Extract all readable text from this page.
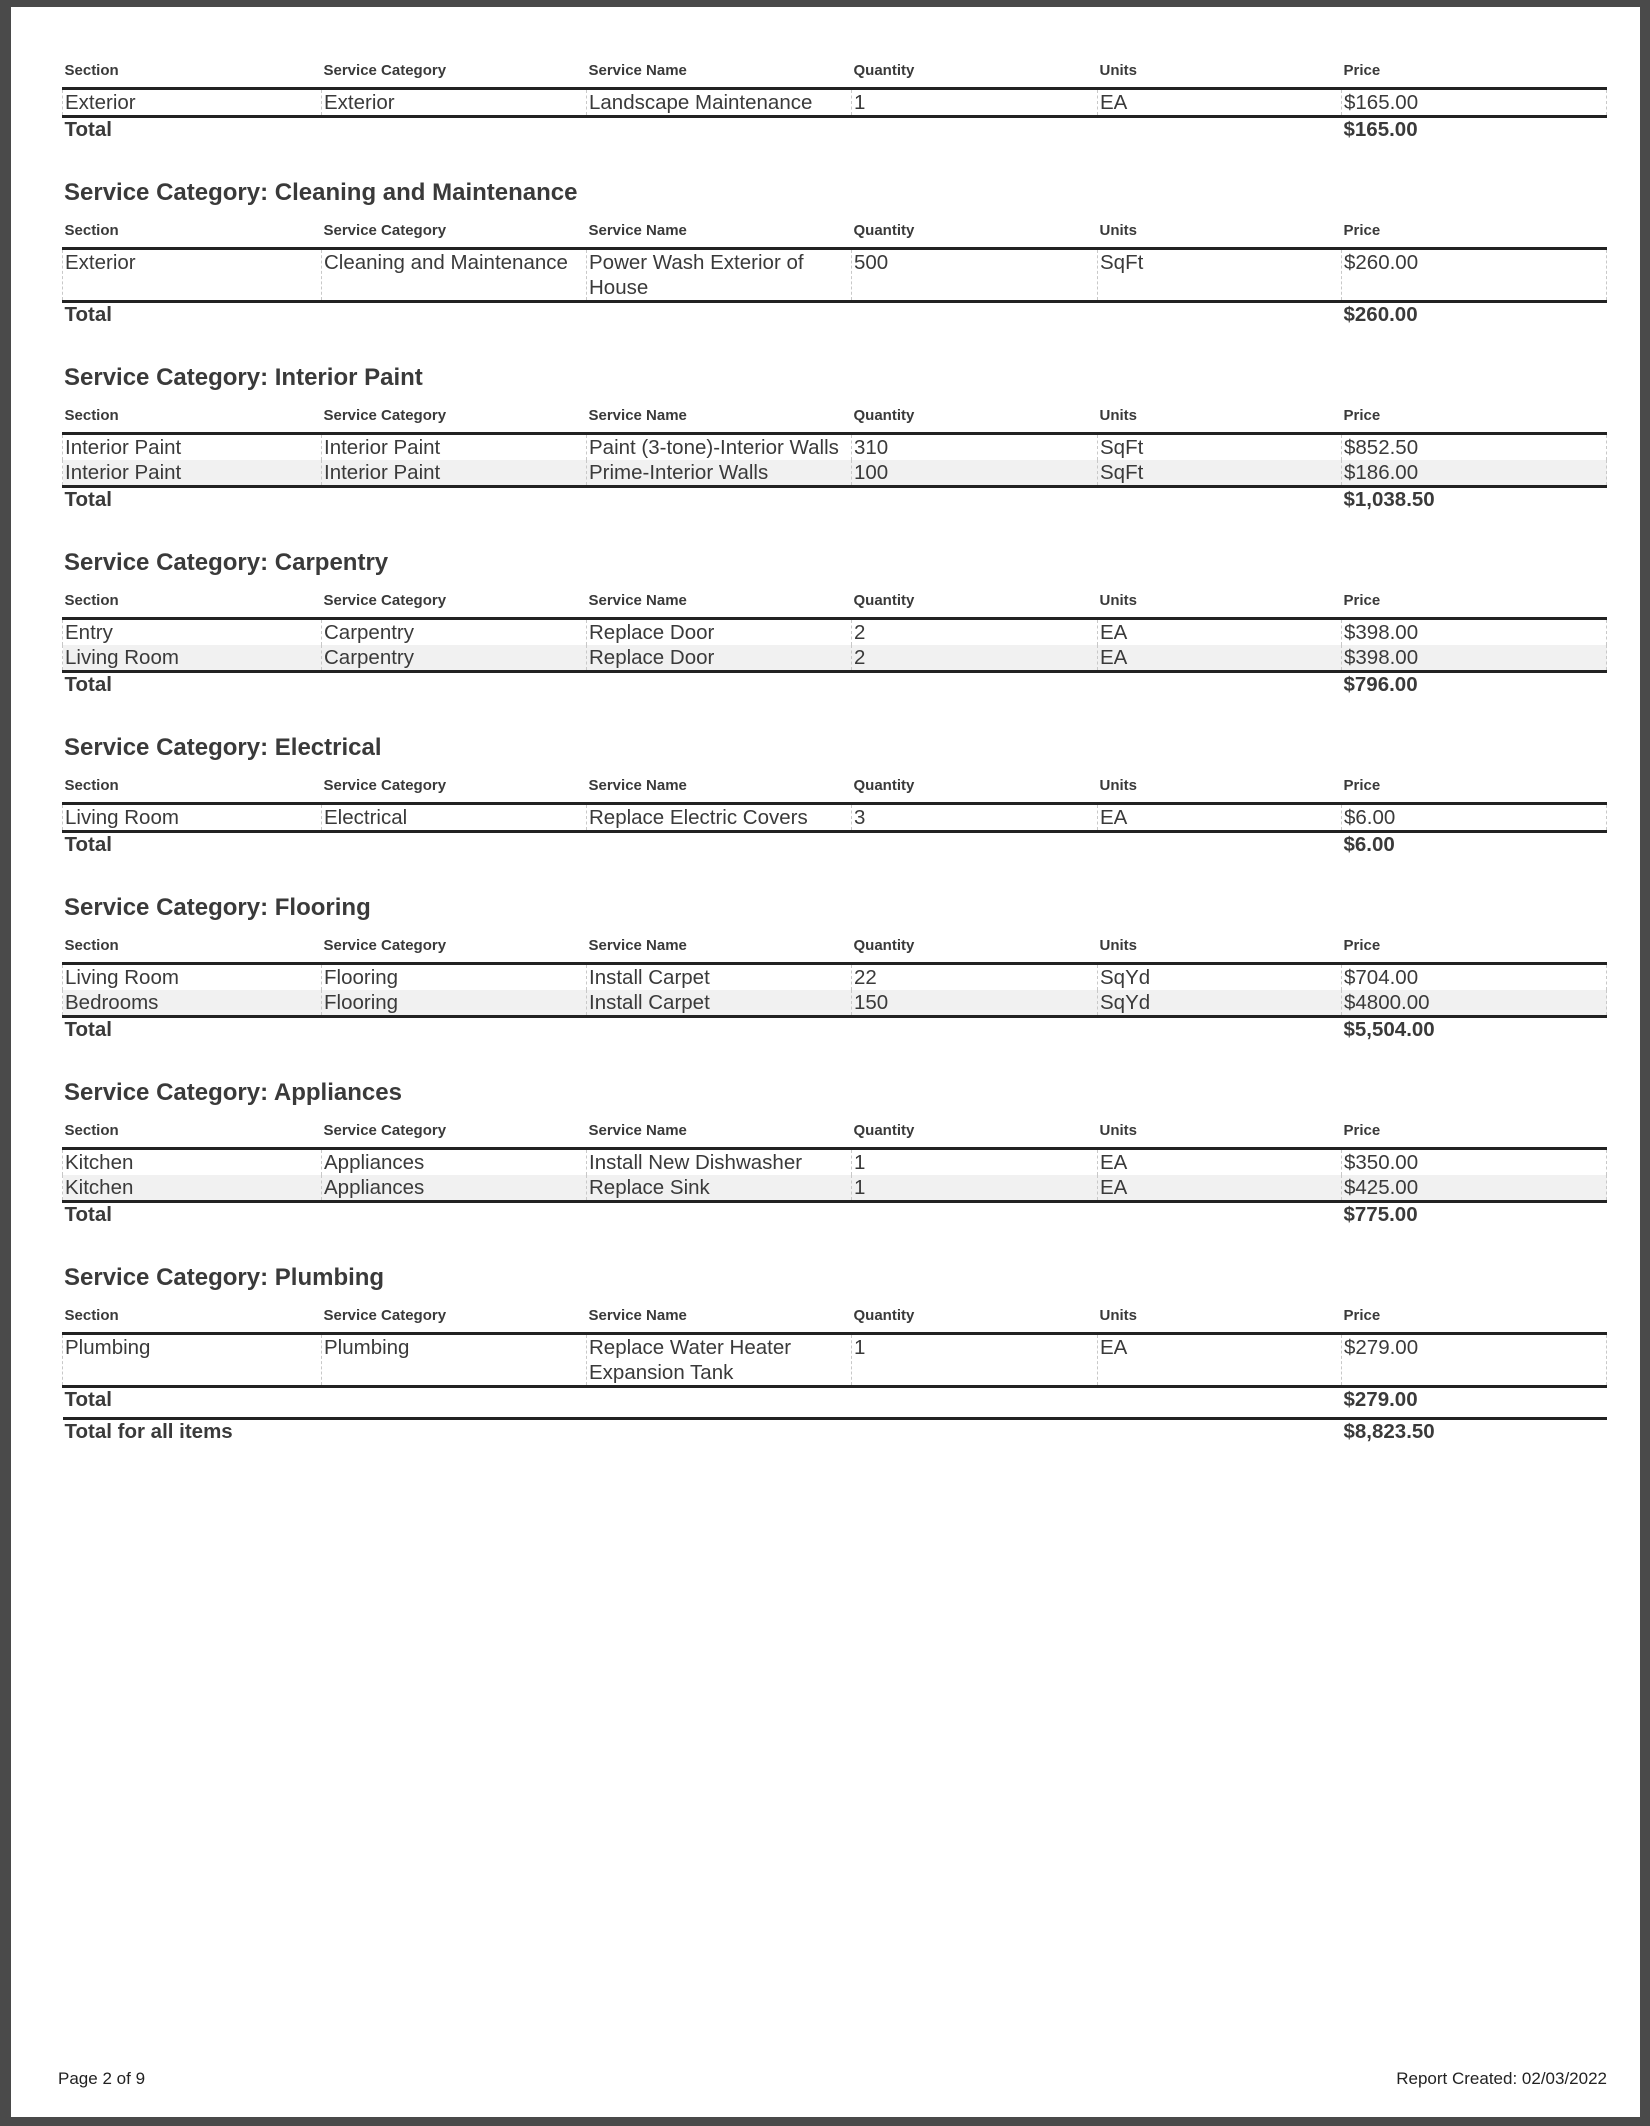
Section	Service Category	Service Name	Quantity	Units	Price
Exterior	Exterior	Landscape Maintenance	1	EA	$165.00
Total					$165.00
Service Category: Cleaning and Maintenance
Section	Service Category	Service Name	Quantity	Units	Price
Exterior	Cleaning and Maintenance	Power Wash Exterior of House	500	SqFt	$260.00
Total					$260.00
Service Category: Interior Paint
Section	Service Category	Service Name	Quantity	Units	Price
Interior Paint	Interior Paint	Paint (3-tone)-Interior Walls	310	SqFt	$852.50
Interior Paint	Interior Paint	Prime-Interior Walls	100	SqFt	$186.00
Total					$1,038.50
Service Category: Carpentry
Section	Service Category	Service Name	Quantity	Units	Price
Entry	Carpentry	Replace Door	2	EA	$398.00
Living Room	Carpentry	Replace Door	2	EA	$398.00
Total					$796.00
Service Category: Electrical
Section	Service Category	Service Name	Quantity	Units	Price
Living Room	Electrical	Replace Electric Covers	3	EA	$6.00
Total					$6.00
Service Category: Flooring
Section	Service Category	Service Name	Quantity	Units	Price
Living Room	Flooring	Install Carpet	22	SqYd	$704.00
Bedrooms	Flooring	Install Carpet	150	SqYd	$4800.00
Total					$5,504.00
Service Category: Appliances
Section	Service Category	Service Name	Quantity	Units	Price
Kitchen	Appliances	Install New Dishwasher	1	EA	$350.00
Kitchen	Appliances	Replace Sink	1	EA	$425.00
Total					$775.00
Service Category: Plumbing
Section	Service Category	Service Name	Quantity	Units	Price
Plumbing	Plumbing	Replace Water Heater Expansion Tank	1	EA	$279.00
Total					$279.00
Total for all items					$8,823.50
Page 2 of 9	Report Created: 02/03/2022
